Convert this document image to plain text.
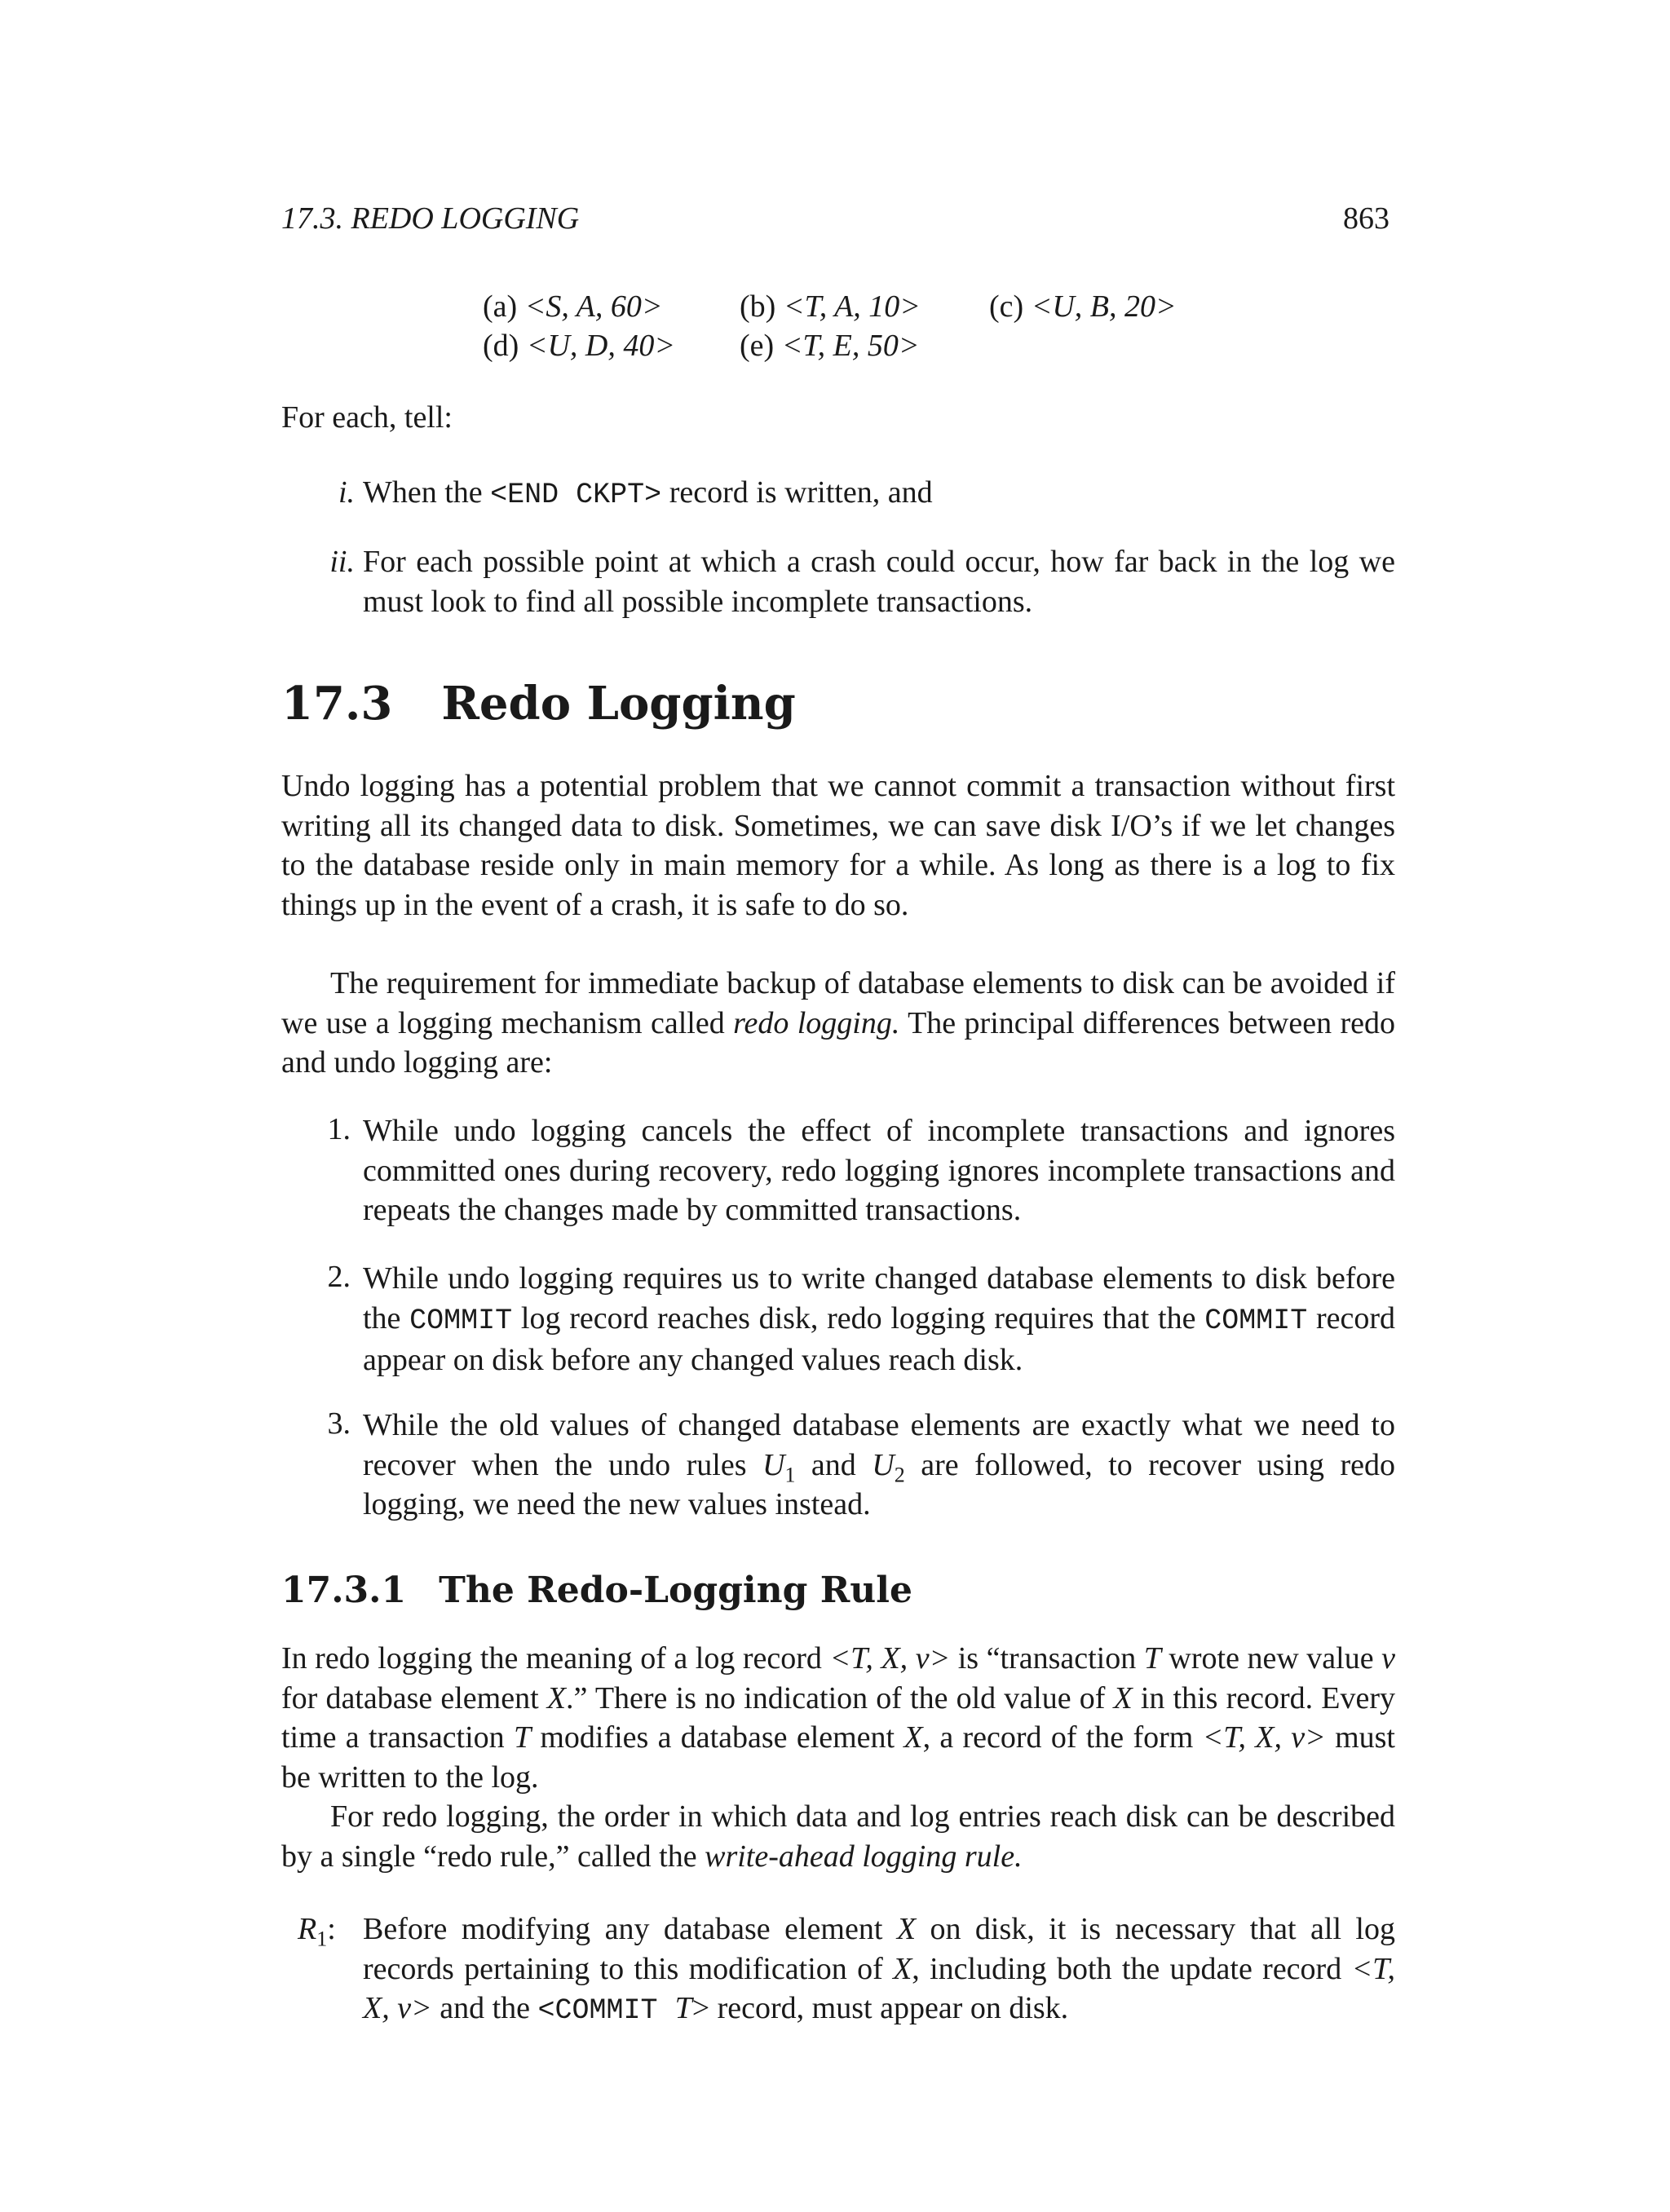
17.3. REDO LOGGING	863
(a) <S, A, 60> (b) <T, A, 10> (c) <U, B, 20>
(d) <U, D, 40> (e) <T, E, 50>
For each, tell:
i. When the <END CKPT> record is written, and
ii. For each possible point at which a crash could occur, how far back in the log we must look to find all possible incomplete transactions.

17.3 Redo Logging

Undo logging has a potential problem that we cannot commit a transaction without first writing all its changed data to disk. Sometimes, we can save disk I/O’s if we let changes to the database reside only in main memory for a while. As long as there is a log to fix things up in the event of a crash, it is safe to do so.

The requirement for immediate backup of database elements to disk can be avoided if we use a logging mechanism called redo logging. The principal differences between redo and undo logging are:

1. While undo logging cancels the effect of incomplete transactions and ignores committed ones during recovery, redo logging ignores incomplete transactions and repeats the changes made by committed transactions.

2. While undo logging requires us to write changed database elements to disk before the COMMIT log record reaches disk, redo logging requires that the COMMIT record appear on disk before any changed values reach disk.

3. While the old values of changed database elements are exactly what we need to recover when the undo rules $U_1$ and $U_2$ are followed, to recover using redo logging, we need the new values instead.

17.3.1 The Redo-Logging Rule

In redo logging the meaning of a log record <T, X, v> is “transaction T wrote new value v for database element X.” There is no indication of the old value of X in this record. Every time a transaction T modifies a database element X, a record of the form <T, X, v> must be written to the log.

For redo logging, the order in which data and log entries reach disk can be described by a single “redo rule,” called the write-ahead logging rule.

$R_1$: Before modifying any database element X on disk, it is necessary that all log records pertaining to this modification of X, including both the update record <T, X, v> and the <COMMIT T> record, must appear on disk.
